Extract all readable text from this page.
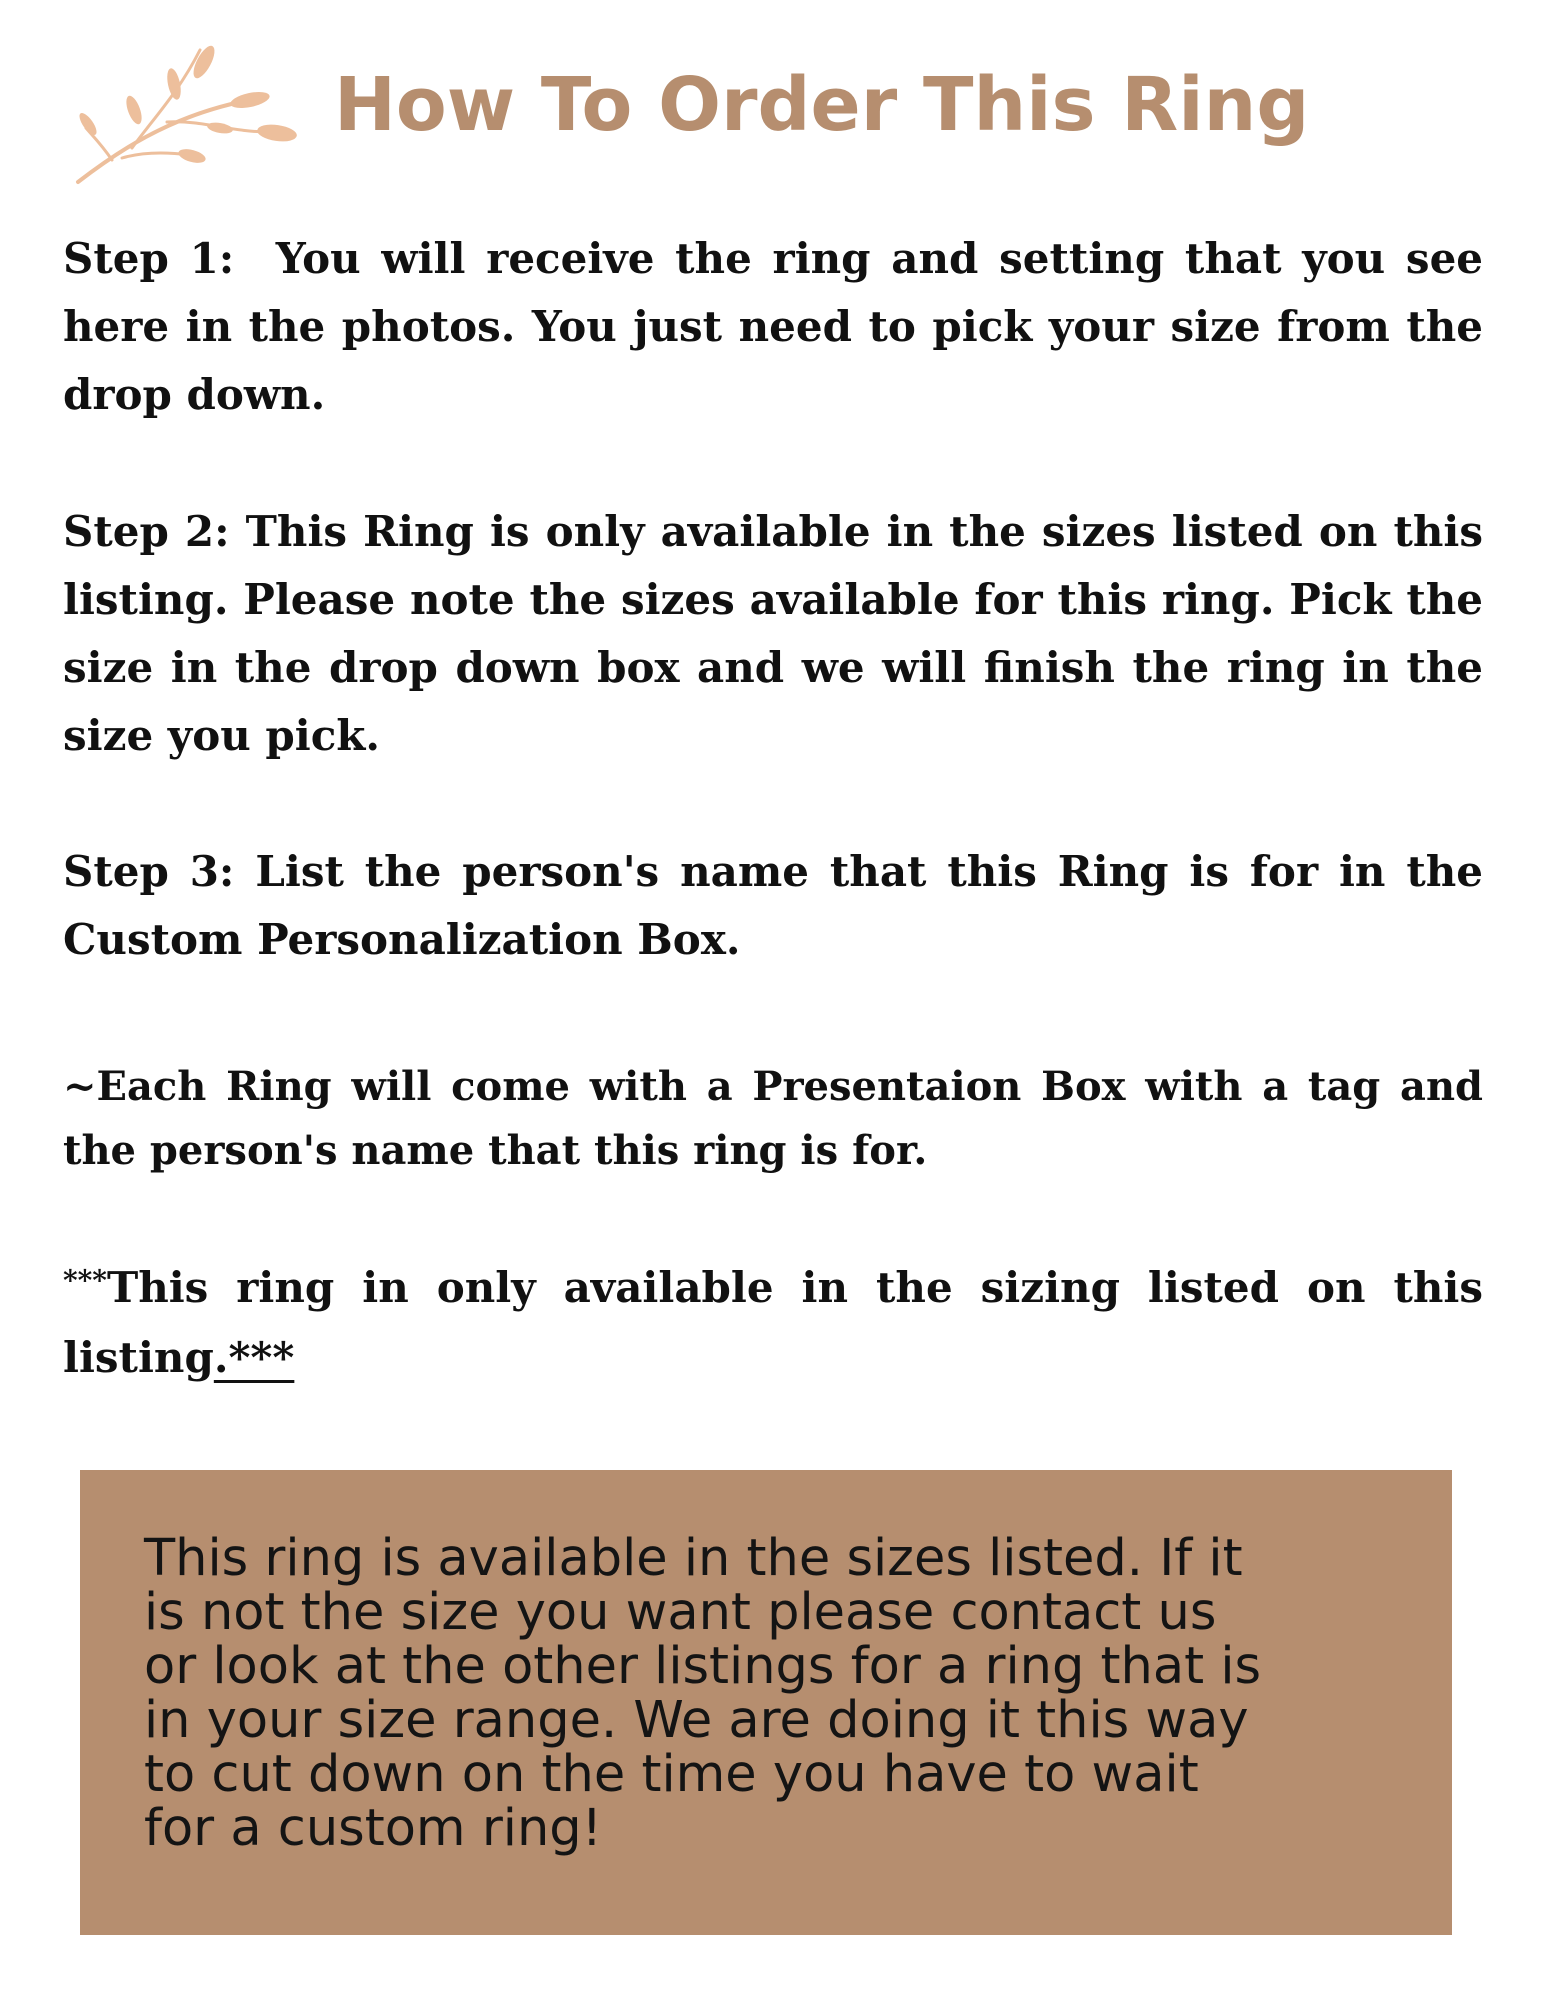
How To Order This Ring

Step 1: You will receive the ring and setting that you see here in the photos. You just need to pick your size from the drop down.

Step 2: This Ring is only available in the sizes listed on this listing. Please note the sizes available for this ring. Pick the size in the drop down box and we will finish the ring in the size you pick.

Step 3: List the person's name that this Ring is for in the Custom Personalization Box.

~Each Ring will come with a Presentaion Box with a tag and the person's name that this ring is for.

***This ring in only available in the sizing listed on this listing.***

This ring is available in the sizes listed. If it
is not the size you want please contact us
or look at the other listings for a ring that is
in your size range. We are doing it this way
to cut down on the time you have to wait
for a custom ring!
